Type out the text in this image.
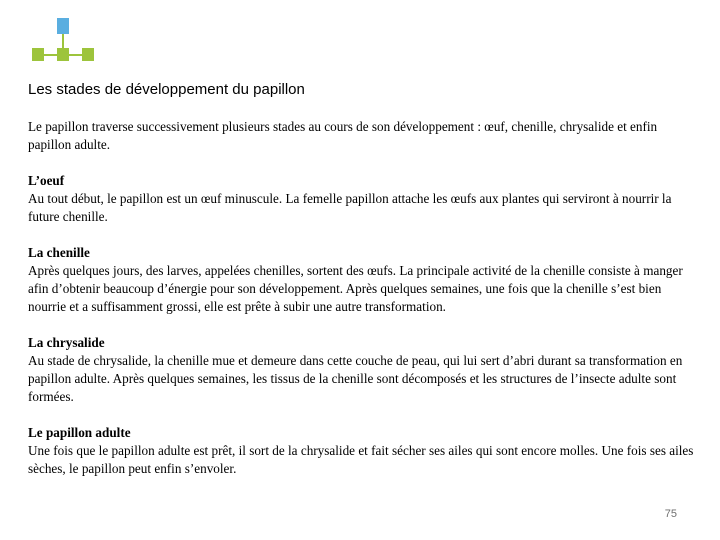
Les stades de développement du papillon

Le papillon traverse successivement plusieurs stades au cours de son développement : œuf, chenille, chrysalide et enfin papillon adulte.

L’oeuf
Au tout début, le papillon est un œuf minuscule. La femelle papillon attache les œufs aux plantes qui serviront à nourrir la future chenille.
La chenille
Après quelques jours, des larves, appelées chenilles, sortent des œufs. La principale activité de la chenille consiste à manger afin d’obtenir beaucoup d’énergie pour son développement. Après quelques semaines, une fois que la chenille s’est bien nourrie et a suffisamment grossi, elle est prête à subir une autre transformation.
La chrysalide
Au stade de chrysalide, la chenille mue et demeure dans cette couche de peau, qui lui sert d’abri durant sa transformation en papillon adulte. Après quelques semaines, les tissus de la chenille sont décomposés et les structures de l’insecte adulte sont formées.
Le papillon adulte
Une fois que le papillon adulte est prêt, il sort de la chrysalide et fait sécher ses ailes qui sont encore molles. Une fois ses ailes sèches, le papillon peut enfin s’envoler.
75
